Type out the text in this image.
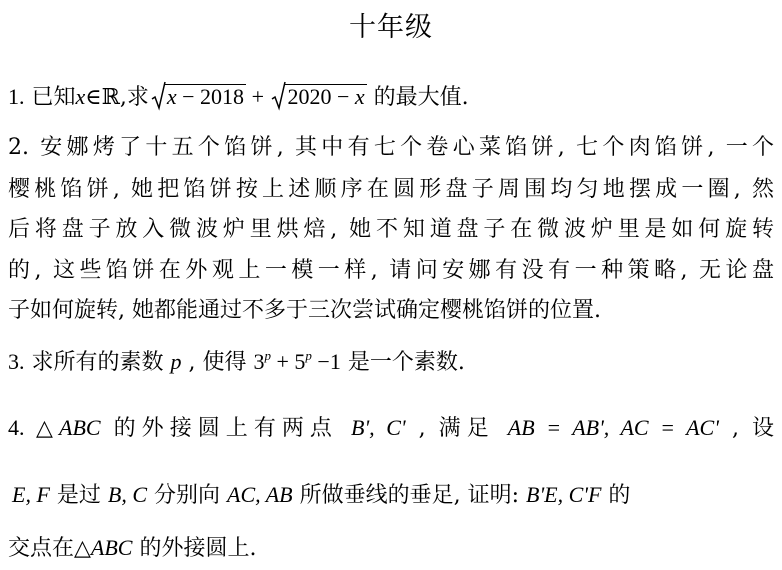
十年级
1. 已知x∈ℝ,求 x − 2018 +
2020 − x 的最大值.
2. 安娜烤了十五个馅饼, 其中有七个卷心菜馅饼, 七个肉馅饼, 一个
樱桃馅饼, 她把馅饼按上述顺序在圆形盘子周围均匀地摆成一圈, 然
后将盘子放入微波炉里烘焙, 她不知道盘子在微波炉里是如何旋转
的, 这些馅饼在外观上一模一样, 请问安娜有没有一种策略, 无论盘
子如何旋转, 她都能通过不多于三次尝试确定樱桃馅饼的位置.
3. 求所有的素数 p , 使得 $3^p + 5^p -1$ 是一个素数.
4. △ABC 的外接圆上有两点 B', C' , 满足 AB = AB', AC = AC' , 设
E, F 是过 B, C 分别向 AC, AB 所做垂线的垂足, 证明: B'E, C'F 的
交点在△ABC 的外接圆上.
